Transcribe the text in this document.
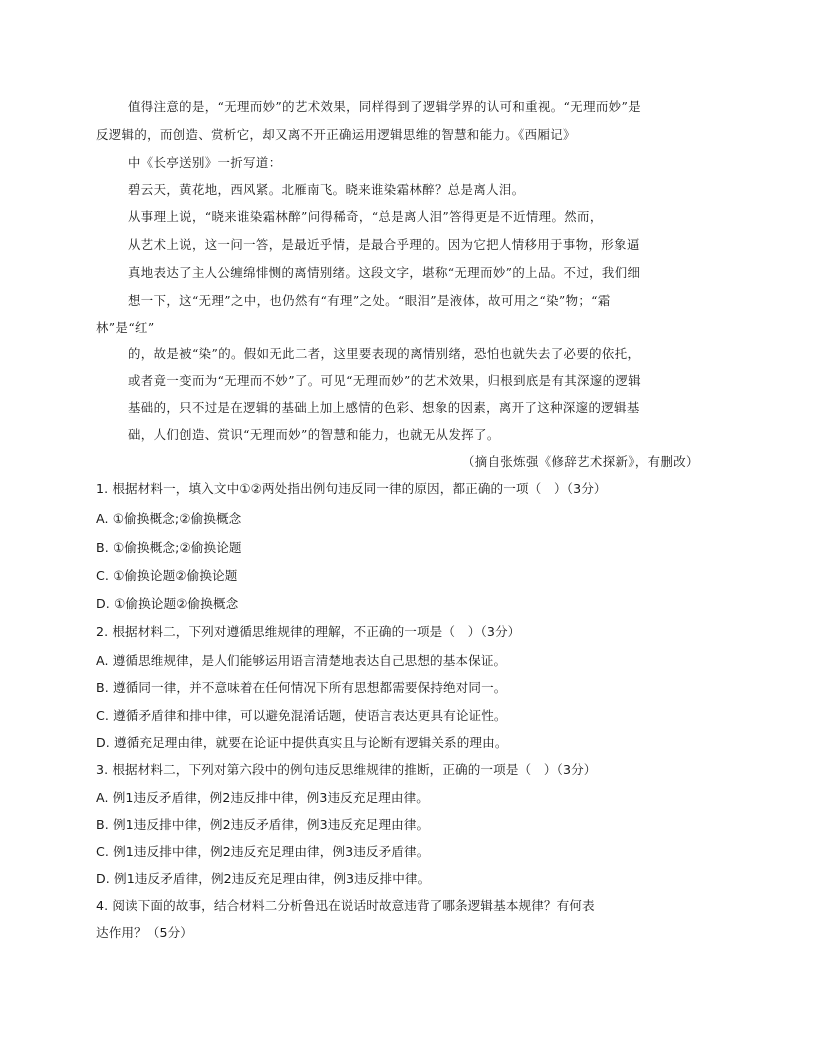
值得注意的是，“无理而妙”的艺术效果，同样得到了逻辑学界的认可和重视。“无理而妙”是
反逻辑的，而创造、赏析它，却又离不开正确运用逻辑思维的智慧和能力。《西厢记》
中《长亭送别》一折写道：
碧云天，黄花地，西风紧。北雁南飞。晓来谁染霜林醉？总是离人泪。
从事理上说，“晓来谁染霜林醉”问得稀奇，“总是离人泪”答得更是不近情理。然而，
从艺术上说，这一问一答，是最近乎情，是最合乎理的。因为它把人情移用于事物，形象逼
真地表达了主人公缠绵悱恻的离情别绪。这段文字，堪称“无理而妙”的上品。不过，我们细
想一下，这“无理”之中，也仍然有“有理”之处。“眼泪”是液体，故可用之“染”物；“霜
林”是“红”
的，故是被“染”的。假如无此二者，这里要表现的离情别绪，恐怕也就失去了必要的依托，
或者竟一变而为“无理而不妙”了。可见“无理而妙”的艺术效果，归根到底是有其深邃的逻辑
基础的，只不过是在逻辑的基础上加上感情的色彩、想象的因素，离开了这种深邃的逻辑基
础，人们创造、赏识“无理而妙”的智慧和能力，也就无从发挥了。
（摘自张炼强《修辞艺术探新》，有删改）
1. 根据材料一，填入文中①②两处指出例句违反同一律的原因，都正确的一项（　）（3分）
A. ①偷换概念;②偷换概念
B. ①偷换概念;②偷换论题
C. ①偷换论题②偷换论题
D. ①偷换论题②偷换概念
2. 根据材料二，下列对遵循思维规律的理解，不正确的一项是（　）（3分）
A. 遵循思维规律，是人们能够运用语言清楚地表达自己思想的基本保证。
B. 遵循同一律，并不意味着在任何情况下所有思想都需要保持绝对同一。
C. 遵循矛盾律和排中律，可以避免混淆话题，使语言表达更具有论证性。
D. 遵循充足理由律，就要在论证中提供真实且与论断有逻辑关系的理由。
3. 根据材料二，下列对第六段中的例句违反思维规律的推断，正确的一项是（　）（3分）
A. 例1违反矛盾律，例2违反排中律，例3违反充足理由律。
B. 例1违反排中律，例2违反矛盾律，例3违反充足理由律。
C. 例1违反排中律，例2违反充足理由律，例3违反矛盾律。
D. 例1违反矛盾律，例2违反充足理由律，例3违反排中律。
4. 阅读下面的故事，结合材料二分析鲁迅在说话时故意违背了哪条逻辑基本规律？有何表
达作用？（5分）
